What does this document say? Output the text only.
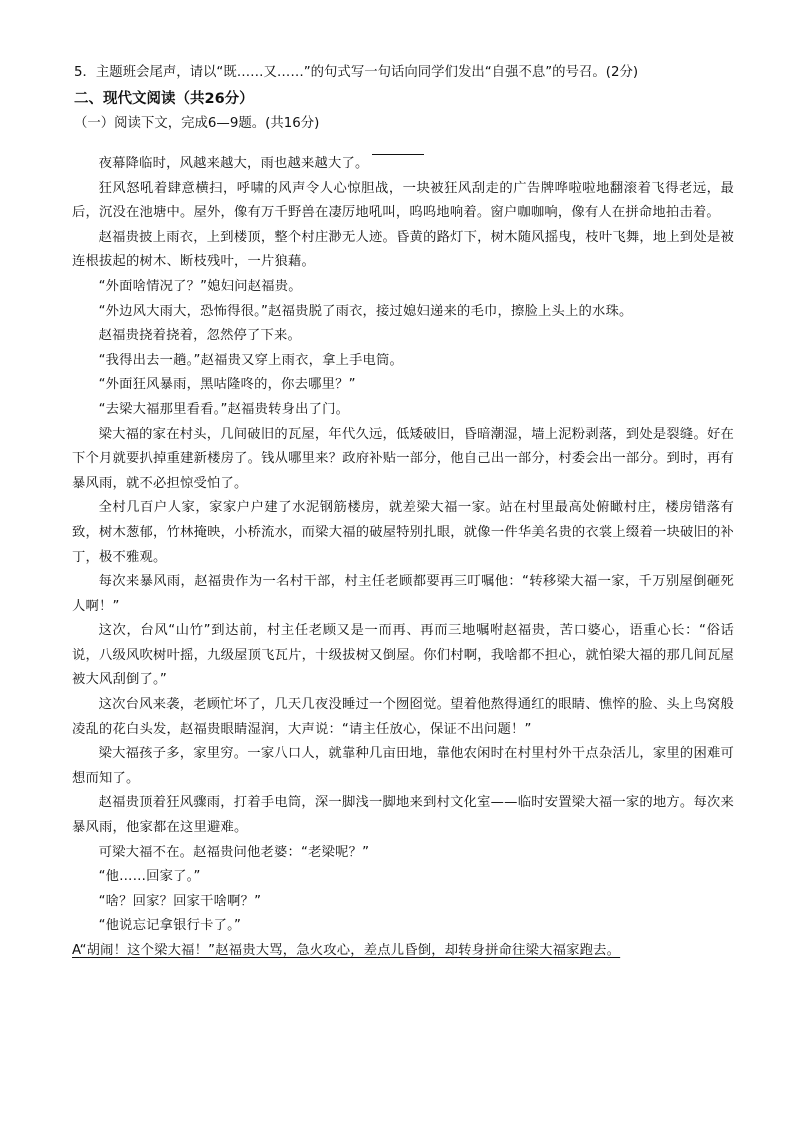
5．主题班会尾声，请以“既……又……”的句式写一句话向同学们发出“自强不息”的号召。(2分)
二、现代文阅读（共26分）
（一）阅读下文，完成6—9题。(共16分)

夜幕降临时，风越来越大，雨也越来越大了。

狂风怒吼着肆意横扫，呼啸的风声令人心惊胆战，一块被狂风刮走的广告牌哗啦啦地翻滚着飞得老远，最后，沉没在池塘中。屋外，像有万千野兽在凄厉地吼叫，呜呜地响着。窗户咖咖响，像有人在拼命地拍击着。

赵福贵披上雨衣，上到楼顶，整个村庄渺无人迹。昏黄的路灯下，树木随风摇曳，枝叶飞舞，地上到处是被连根拔起的树木、断枝残叶，一片狼藉。

“外面啥情况了？”媳妇问赵福贵。

“外边风大雨大，恐怖得很。”赵福贵脱了雨衣，接过媳妇递来的毛巾，擦脸上头上的水珠。

赵福贵挠着挠着，忽然停了下来。

“我得出去一趟。”赵福贵又穿上雨衣，拿上手电筒。

“外面狂风暴雨，黑咕隆咚的，你去哪里？”

“去梁大福那里看看。”赵福贵转身出了门。

梁大福的家在村头，几间破旧的瓦屋，年代久远，低矮破旧，昏暗潮湿，墙上泥粉剥落，到处是裂缝。好在下个月就要扒掉重建新楼房了。钱从哪里来？政府补贴一部分，他自己出一部分，村委会出一部分。到时，再有暴风雨，就不必担惊受怕了。

全村几百户人家，家家户户建了水泥钢筋楼房，就差梁大福一家。站在村里最高处俯瞰村庄，楼房错落有致，树木葱郁，竹林掩映，小桥流水，而梁大福的破屋特别扎眼，就像一件华美名贵的衣裳上缀着一块破旧的补丁，极不雅观。

每次来暴风雨，赵福贵作为一名村干部，村主任老顾都要再三叮嘱他：“转移梁大福一家，千万别屋倒砸死人啊！”

这次，台风“山竹”到达前，村主任老顾又是一而再、再而三地嘱咐赵福贵，苦口婆心，语重心长：“俗话说，八级风吹树叶摇，九级屋顶飞瓦片，十级拔树又倒屋。你们村啊，我啥都不担心，就怕梁大福的那几间瓦屋被大风刮倒了。”

这次台风来袭，老顾忙坏了，几天几夜没睡过一个囫囵觉。望着他熬得通红的眼睛、憔悴的脸、头上鸟窝般凌乱的花白头发，赵福贵眼睛湿润，大声说：“请主任放心，保证不出问题！”

梁大福孩子多，家里穷。一家八口人，就靠种几亩田地，靠他农闲时在村里村外干点杂活儿，家里的困难可想而知了。

赵福贵顶着狂风骤雨，打着手电筒，深一脚浅一脚地来到村文化室——临时安置梁大福一家的地方。每次来暴风雨，他家都在这里避难。

可梁大福不在。赵福贵问他老婆：“老梁呢？”

“他……回家了。”

“啥？回家？回家干啥啊？”

“他说忘记拿银行卡了。”

A“胡闹！这个梁大福！”赵福贵大骂，急火攻心，差点儿昏倒，却转身拼命往梁大福家跑去。
